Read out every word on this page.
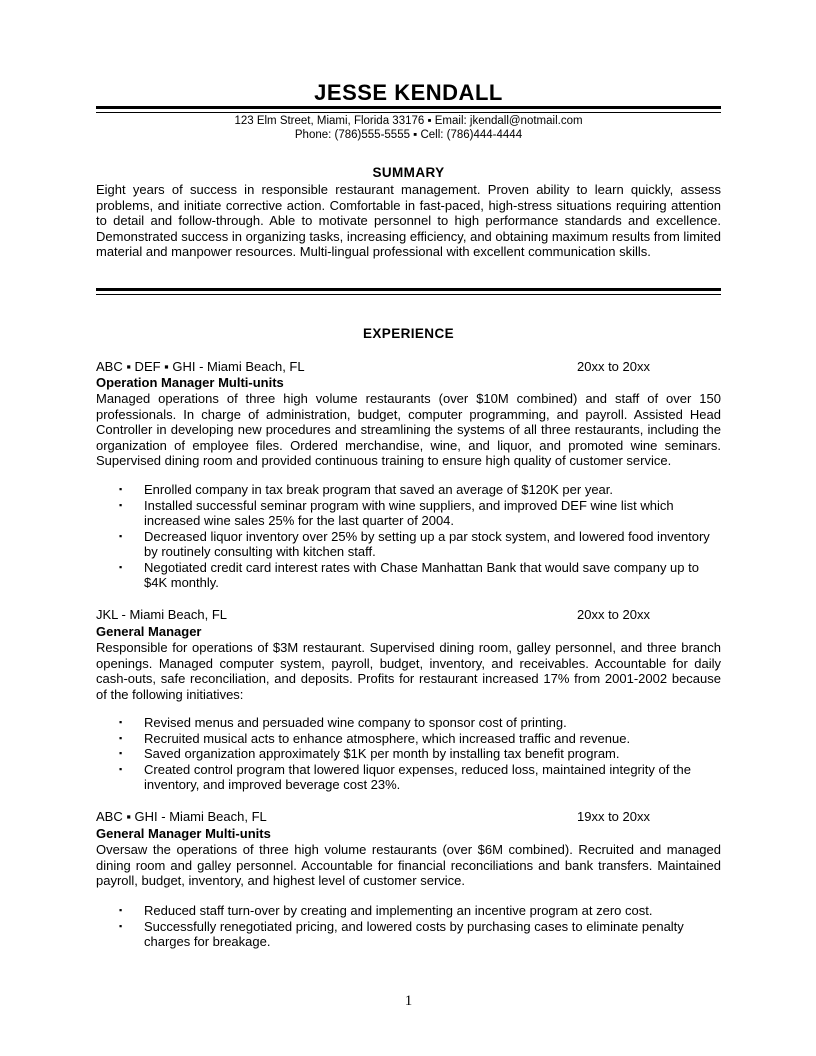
JESSE KENDALL
123 Elm Street, Miami, Florida 33176 ▪ Email: jkendall@notmail.com
Phone: (786)555-5555 ▪ Cell: (786)444-4444
SUMMARY
Eight years of success in responsible restaurant management. Proven ability to learn quickly, assess problems, and initiate corrective action. Comfortable in fast-paced, high-stress situations requiring attention to detail and follow-through. Able to motivate personnel to high performance standards and excellence. Demonstrated success in organizing tasks, increasing efficiency, and obtaining maximum results from limited material and manpower resources. Multi-lingual professional with excellent communication skills.
EXPERIENCE
ABC ▪ DEF ▪ GHI - Miami Beach, FL	20xx to 20xx
Operation Manager Multi-units
Managed operations of three high volume restaurants (over $10M combined) and staff of over 150 professionals. In charge of administration, budget, computer programming, and payroll. Assisted Head Controller in developing new procedures and streamlining the systems of all three restaurants, including the organization of employee files. Ordered merchandise, wine, and liquor, and promoted wine seminars. Supervised dining room and provided continuous training to ensure high quality of customer service.
▪ Enrolled company in tax break program that saved an average of $120K per year.
▪ Installed successful seminar program with wine suppliers, and improved DEF wine list which increased wine sales 25% for the last quarter of 2004.
▪ Decreased liquor inventory over 25% by setting up a par stock system, and lowered food inventory by routinely consulting with kitchen staff.
▪ Negotiated credit card interest rates with Chase Manhattan Bank that would save company up to $4K monthly.
JKL - Miami Beach, FL	20xx to 20xx
General Manager
Responsible for operations of $3M restaurant. Supervised dining room, galley personnel, and three branch openings. Managed computer system, payroll, budget, inventory, and receivables. Accountable for daily cash-outs, safe reconciliation, and deposits. Profits for restaurant increased 17% from 2001-2002 because of the following initiatives:
▪ Revised menus and persuaded wine company to sponsor cost of printing.
▪ Recruited musical acts to enhance atmosphere, which increased traffic and revenue.
▪ Saved organization approximately $1K per month by installing tax benefit program.
▪ Created control program that lowered liquor expenses, reduced loss, maintained integrity of the inventory, and improved beverage cost 23%.
ABC ▪ GHI - Miami Beach, FL	19xx to 20xx
General Manager Multi-units
Oversaw the operations of three high volume restaurants (over $6M combined). Recruited and managed dining room and galley personnel. Accountable for financial reconciliations and bank transfers. Maintained payroll, budget, inventory, and highest level of customer service.
▪ Reduced staff turn-over by creating and implementing an incentive program at zero cost.
▪ Successfully renegotiated pricing, and lowered costs by purchasing cases to eliminate penalty charges for breakage.
1
